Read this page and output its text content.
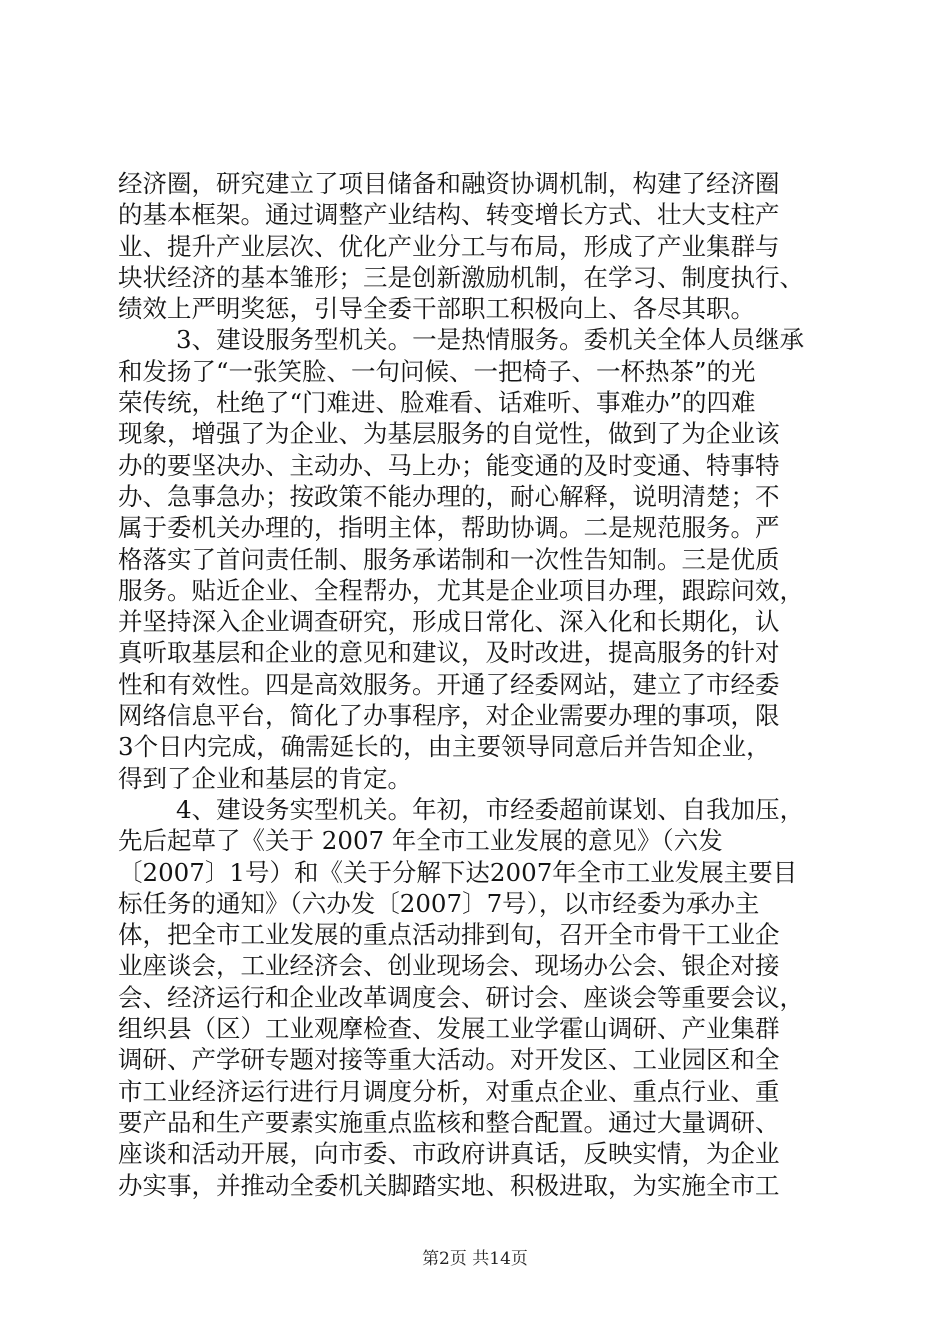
经济圈，研究建立了项目储备和融资协调机制，构建了经济圈
的基本框架。通过调整产业结构、转变增长方式、壮大支柱产
业、提升产业层次、优化产业分工与布局，形成了产业集群与
块状经济的基本雏形；三是创新激励机制，在学习、制度执行、
绩效上严明奖惩，引导全委干部职工积极向上、各尽其职。
3、建设服务型机关。一是热情服务。委机关全体人员继承
和发扬了“一张笑脸、一句问候、一把椅子、一杯热茶”的光
荣传统，杜绝了“门难进、脸难看、话难听、事难办”的四难
现象，增强了为企业、为基层服务的自觉性，做到了为企业该
办的要坚决办、主动办、马上办；能变通的及时变通、特事特
办、急事急办；按政策不能办理的，耐心解释，说明清楚；不
属于委机关办理的，指明主体，帮助协调。二是规范服务。严
格落实了首问责任制、服务承诺制和一次性告知制。三是优质
服务。贴近企业、全程帮办，尤其是企业项目办理，跟踪问效，
并坚持深入企业调查研究，形成日常化、深入化和长期化，认
真听取基层和企业的意见和建议，及时改进，提高服务的针对
性和有效性。四是高效服务。开通了经委网站，建立了市经委
网络信息平台，简化了办事程序，对企业需要办理的事项，限
3个日内完成，确需延长的，由主要领导同意后并告知企业，
得到了企业和基层的肯定。
4、建设务实型机关。年初，市经委超前谋划、自我加压，
先后起草了《关于 2007 年全市工业发展的意见》（六发
〔2007〕1号）和《关于分解下达2007年全市工业发展主要目
标任务的通知》（六办发〔2007〕7号），以市经委为承办主
体，把全市工业发展的重点活动排到旬，召开全市骨干工业企
业座谈会，工业经济会、创业现场会、现场办公会、银企对接
会、经济运行和企业改革调度会、研讨会、座谈会等重要会议，
组织县（区）工业观摩检查、发展工业学霍山调研、产业集群
调研、产学研专题对接等重大活动。对开发区、工业园区和全
市工业经济运行进行月调度分析，对重点企业、重点行业、重
要产品和生产要素实施重点监核和整合配置。通过大量调研、
座谈和活动开展，向市委、市政府讲真话，反映实情，为企业
办实事，并推动全委机关脚踏实地、积极进取，为实施全市工
第2页 共14页
